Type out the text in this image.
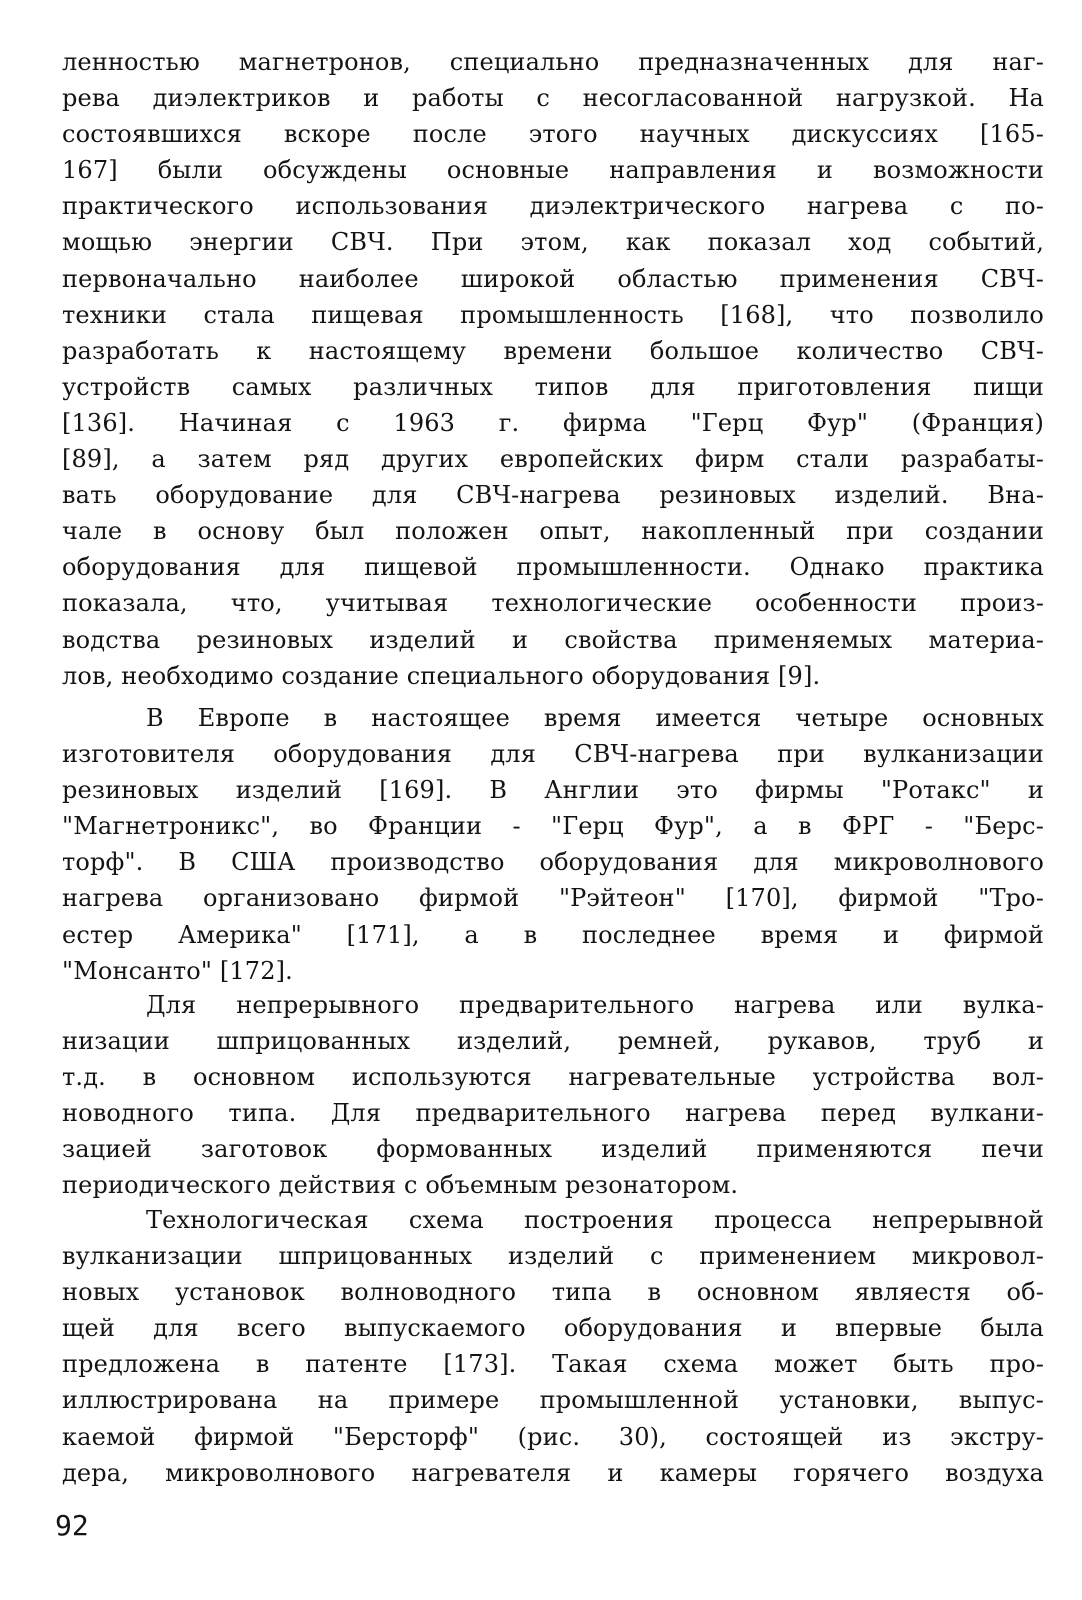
ленностью магнетронов, специально предназначенных для наг-
рева диэлектриков и работы с несогласованной нагрузкой. На
состоявшихся вскоре после этого научных дискуссиях [165-
167] были обсуждены основные направления и возможности
практического использования диэлектрического нагрева с по-
мощью энергии СВЧ. При этом, как показал ход событий,
первоначально наиболее широкой областью применения СВЧ-
техники стала пищевая промышленность [168], что позволило
разработать к настоящему времени большое количество СВЧ-
устройств самых различных типов для приготовления пищи
[136]. Начиная с 1963 г. фирма "Герц Фур" (Франция)
[89], а затем ряд других европейских фирм стали разрабаты-
вать оборудование для СВЧ-нагрева резиновых изделий. Вна-
чале в основу был положен опыт, накопленный при создании
оборудования для пищевой промышленности. Однако практика
показала, что, учитывая технологические особенности произ-
водства резиновых изделий и свойства применяемых материа-
лов, необходимо создание специального оборудования [9].
В Европе в настоящее время имеется четыре основных
изготовителя оборудования для СВЧ-нагрева при вулканизации
резиновых изделий [169]. В Англии это фирмы "Ротакс" и
"Магнетроникс", во Франции - "Герц Фур", а в ФРГ - "Берс-
торф". В США производство оборудования для микроволнового
нагрева организовано фирмой "Рэйтеон" [170], фирмой "Тро-
естер Америка" [171], а в последнее время и фирмой
"Монсанто" [172].
Для непрерывного предварительного нагрева или вулка-
низации шприцованных изделий, ремней, рукавов, труб и
т.д. в основном используются нагревательные устройства вол-
новодного типа. Для предварительного нагрева перед вулкани-
зацией заготовок формованных изделий применяются печи
периодического действия с объемным резонатором.
Технологическая схема построения процесса непрерывной
вулканизации шприцованных изделий с применением микровол-
новых установок волноводного типа в основном являестя об-
щей для всего выпускаемого оборудования и впервые была
предложена в патенте [173]. Такая схема может быть про-
иллюстрирована на примере промышленной установки, выпус-
каемой фирмой "Берсторф" (рис. 30), состоящей из экстру-
дера, микроволнового нагревателя и камеры горячего воздуха
92
